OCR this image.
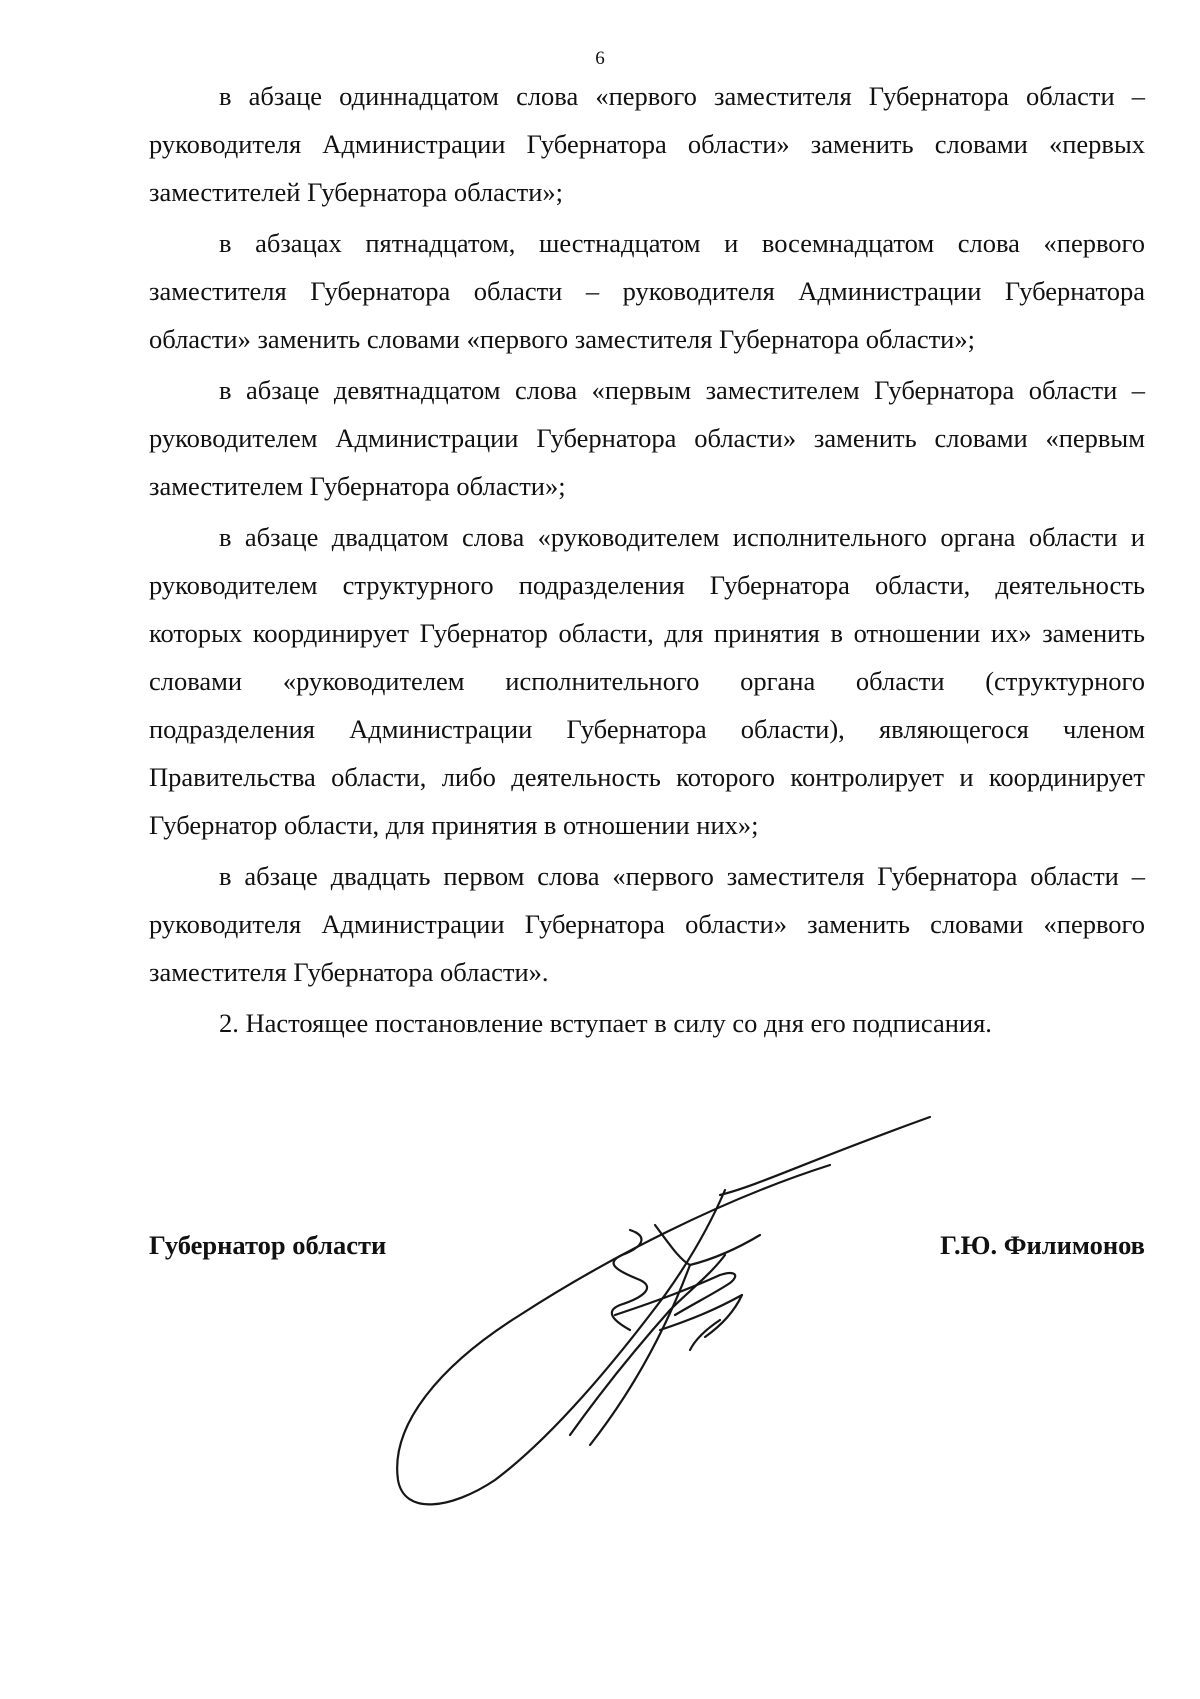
6

в абзаце одиннадцатом слова «первого заместителя Губернатора области – руководителя Администрации Губернатора области» заменить словами «первых заместителей Губернатора области»;

в абзацах пятнадцатом, шестнадцатом и восемнадцатом слова «первого заместителя Губернатора области – руководителя Администрации Губернатора области» заменить словами «первого заместителя Губернатора области»;

в абзаце девятнадцатом слова «первым заместителем Губернатора области – руководителем Администрации Губернатора области» заменить словами «первым заместителем Губернатора области»;

в абзаце двадцатом слова «руководителем исполнительного органа области и руководителем структурного подразделения Губернатора области, деятельность которых координирует Губернатор области, для принятия в отношении их» заменить словами «руководителем исполнительного органа области (структурного подразделения Администрации Губернатора области), являющегося членом Правительства области, либо деятельность которого контролирует и координирует Губернатор области, для принятия в отношении них»;

в абзаце двадцать первом слова «первого заместителя Губернатора области – руководителя Администрации Губернатора области» заменить словами «первого заместителя Губернатора области».

2. Настоящее постановление вступает в силу со дня его подписания.

Губернатор области	Г.Ю. Филимонов
